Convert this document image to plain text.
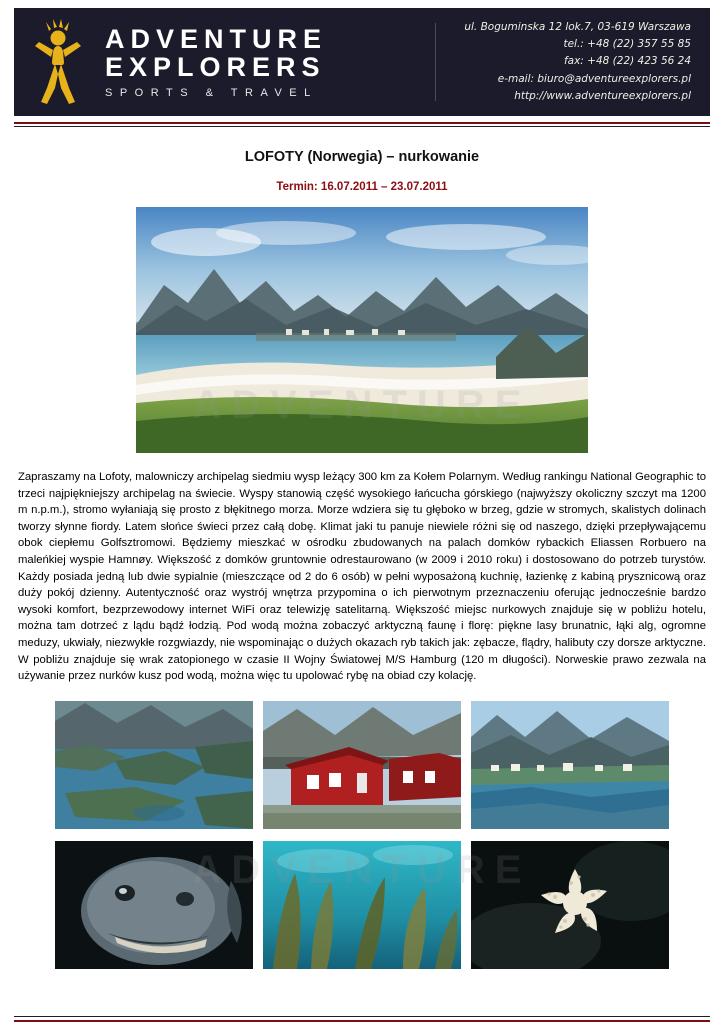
ADVENTURE
EXPLORERS
SPORTS & TRAVEL
ul. Boguminska 12 lok.7, 03-619 Warszawa
tel.: +48 (22) 357 55 85
fax: +48 (22) 423 56 24
e-mail: biuro@adventureexplorers.pl
http://www.adventureexplorers.pl
LOFOTY (Norwegia) – nurkowanie
Termin: 16.07.2011 – 23.07.2011

Zapraszamy na Lofoty, malowniczy archipelag siedmiu wysp leżący 300 km za Kołem Polarnym. Według rankingu National Geographic to trzeci najpiękniejszy archipelag na świecie. Wyspy stanowią część wysokiego łańcucha górskiego (najwyższy okoliczny szczyt ma 1200 m n.p.m.), stromo wyłaniają się prosto z błękitnego morza. Morze wdziera się tu głęboko w brzeg, gdzie w stromych, skalistych dolinach tworzy słynne fiordy. Latem słońce świeci przez całą dobę. Klimat jaki tu panuje niewiele różni się od naszego, dzięki przepływającemu obok ciepłemu Golfsztromowi. Będziemy mieszkać w ośrodku zbudowanych na palach domków rybackich Eliassen Rorbuero na maleńkiej wyspie Hamnøy. Większość z domków gruntownie odrestaurowano (w 2009 i 2010 roku) i dostosowano do potrzeb turystów. Każdy posiada jedną lub dwie sypialnie (mieszczące od 2 do 6 osób) w pełni wyposażoną kuchnię, łazienkę z kabiną prysznicową oraz duży pokój dzienny. Autentyczność oraz wystrój wnętrza przypomina o ich pierwotnym przeznaczeniu oferując jednocześnie bardzo wysoki komfort, bezprzewodowy internet WiFi oraz telewizję satelitarną. Większość miejsc nurkowych znajduje się w pobliżu hotelu, można tam dotrzeć z lądu bądź łodzią. Pod wodą można zobaczyć arktyczną faunę i florę: piękne lasy brunatnic, łąki alg, ogromne meduzy, ukwiały, niezwykłe rozgwiazdy, nie wspominając o dużych okazach ryb takich jak: zębacze, flądry, halibuty czy dorsze arktyczne. W pobliżu znajduje się wrak zatopionego w czasie II Wojny Światowej M/S Hamburg (120 m długości). Norweskie prawo zezwala na używanie przez nurków kusz pod wodą, można więc tu upolować rybę na obiad czy kolację.
